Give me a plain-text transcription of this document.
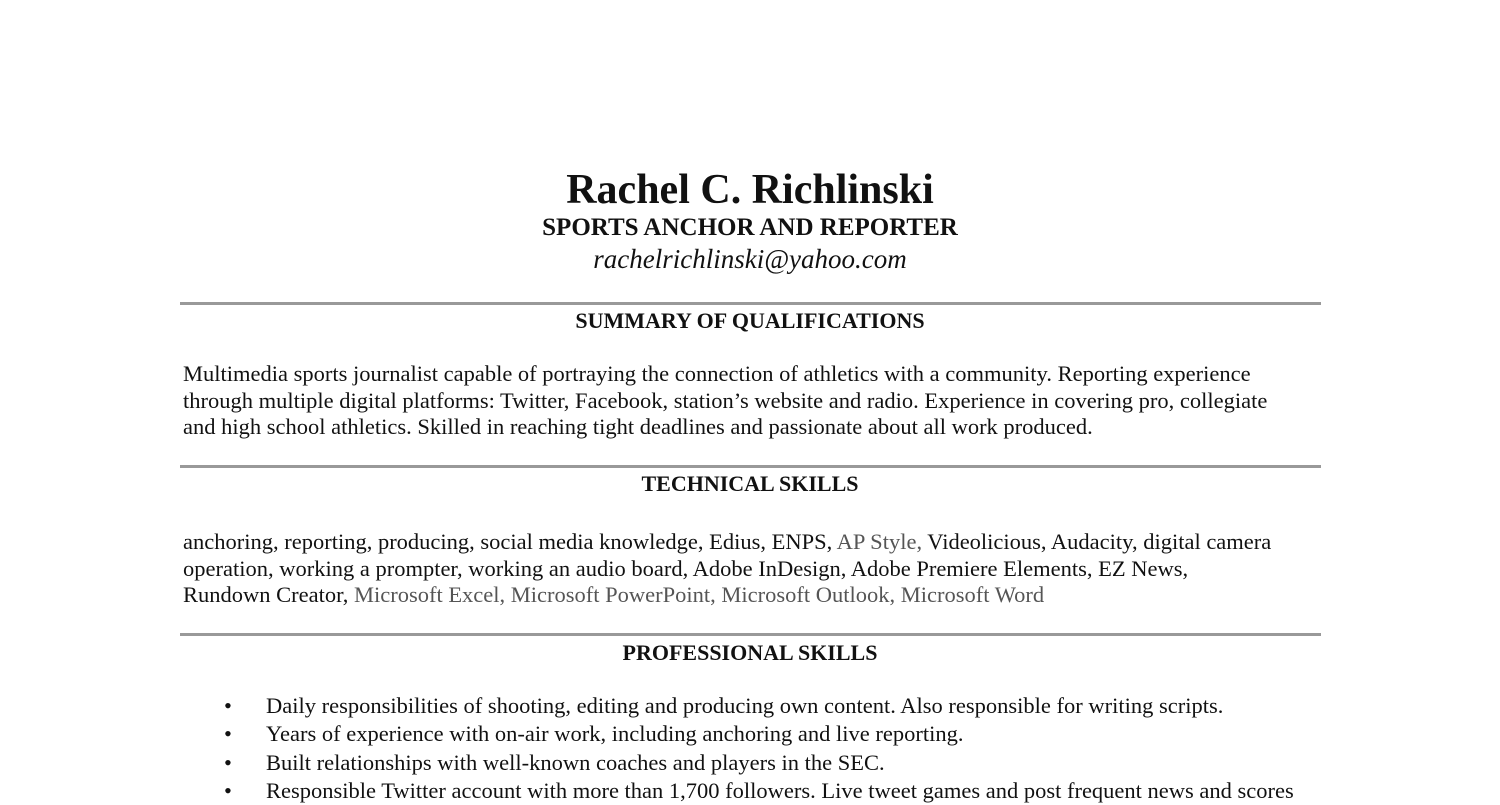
Rachel C. Richlinski
SPORTS ANCHOR AND REPORTER
rachelrichlinski@yahoo.com
SUMMARY OF QUALIFICATIONS
Multimedia sports journalist capable of portraying the connection of athletics with a community. Reporting experience
through multiple digital platforms: Twitter, Facebook, station’s website and radio. Experience in covering pro, collegiate
and high school athletics. Skilled in reaching tight deadlines and passionate about all work produced.
TECHNICAL SKILLS
anchoring, reporting, producing, social media knowledge, Edius, ENPS, AP Style, Videolicious, Audacity, digital camera
operation, working a prompter, working an audio board, Adobe InDesign, Adobe Premiere Elements, EZ News,
Rundown Creator, Microsoft Excel, Microsoft PowerPoint, Microsoft Outlook, Microsoft Word
PROFESSIONAL SKILLS
• Daily responsibilities of shooting, editing and producing own content. Also responsible for writing scripts.
• Years of experience with on-air work, including anchoring and live reporting.
• Built relationships with well-known coaches and players in the SEC.
• Responsible Twitter account with more than 1,700 followers. Live tweet games and post frequent news and scores
